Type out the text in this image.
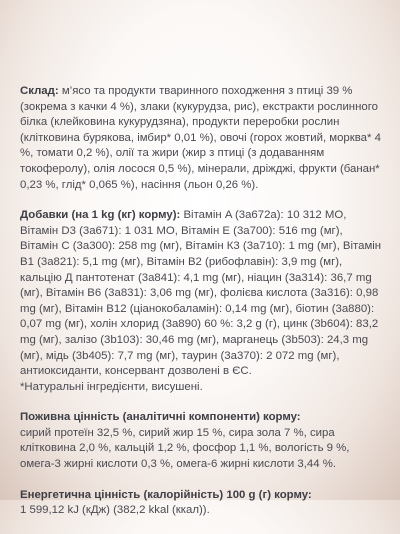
Склад: м’ясо та продукти тваринного походження з птиці 39 % (зокрема з качки 4 %), злаки (кукурудза, рис), екстракти рослинного білка (клейковина кукурудзяна), продукти переробки рослин (клітковина бурякова, імбир* 0,01 %), овочі (горох жовтий, морква* 4 %, томати 0,2 %), олії та жири (жир з птиці (з додаванням токоферолу), олія лосося 0,5 %), мінерали, дріжджі, фрукти (банан* 0,23 %, глід* 0,065 %), насіння (льон 0,26 %).

Добавки (на 1 kg (кг) корму): Вітамін A (3a672a): 10 312 МО, Вітамін D3 (3a671): 1 031 МО, Вітамін E (3a700): 516 mg (мг), Вітамін C (3a300): 258 mg (мг), Вітамін К3 (3a710): 1 mg (мг), Вітамін B1 (3a821): 5,1 mg (мг), Вітамін B2 (рибофлавін): 3,9 mg (мг), кальцію Д пантотенат (3a841): 4,1 mg (мг), ніацин (3a314): 36,7 mg (мг), Вітамін B6 (3a831): 3,06 mg (мг), фолієва кислота (3a316): 0,98 mg (мг), Вітамін B12 (ціанокобаламін): 0,14 mg (мг), біотин (3a880): 0,07 mg (мг), холін хлорид (3a890) 60 %: 3,2 g (г), цинк (3b604): 83,2 mg (мг), залізо (3b103): 30,46 mg (мг), марганець (3b503): 24,3 mg (мг), мідь (3b405): 7,7 mg (мг), таурин (3a370): 2 072 mg (мг), антиоксиданти, консервант дозволені в ЄС.

*Натуральні інгредієнти, висушені.

Поживна цінність (аналітичні компоненти) корму:

сирий протеїн 32,5 %, сирий жир 15 %, сира зола 7 %, сира клітковина 2,0 %, кальцій 1,2 %, фосфор 1,1 %, вологість 9 %, омега-3 жирні кислоти 0,3 %, омега-6 жирні кислоти 3,44 %.

Енергетична цінність (калорійність) 100 g (г) корму:

1 599,12 kJ (кДж) (382,2 kkal (ккал)).
